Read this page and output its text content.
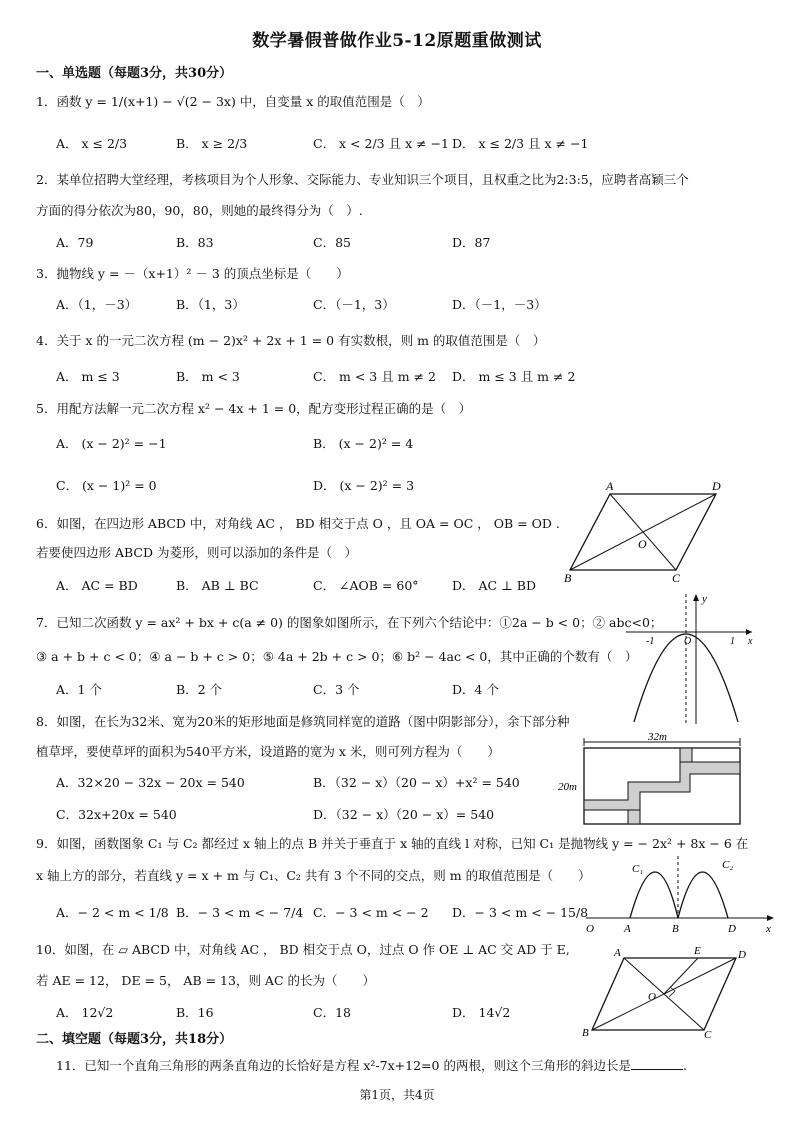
数学暑假普做作业5-12原题重做测试
一、单选题（每题3分，共30分）
1．函数 y = 1/(x+1) − √(2 − 3x) 中，自变量 x 的取值范围是（　）
A． x ≤ 2/3	B． x ≥ 2/3	C． x < 2/3 且 x ≠ −1 D． x ≤ 2/3 且 x ≠ −1
2．某单位招聘大堂经理，考核项目为个人形象、交际能力、专业知识三个项目，且权重之比为2:3:5，应聘者高颖三个
方面的得分依次为80，90，80，则她的最终得分为（　）.
A．79	B．83	C．85	D．87
3．抛物线 y = －（x+1）² － 3 的顶点坐标是（　　）
A．（1，－3）	B．（1，3）	C．（－1，3）	D．（－1，－3）
4．关于 x 的一元二次方程 (m − 2)x² + 2x + 1 = 0 有实数根，则 m 的取值范围是（　）
A． m ≤ 3	B． m < 3	C． m < 3 且 m ≠ 2 D． m ≤ 3 且 m ≠ 2
5．用配方法解一元二次方程 x² − 4x + 1 = 0，配方变形过程正确的是（　）
A． (x − 2)² = −1	B． (x − 2)² = 4
C． (x − 1)² = 0	D． (x − 2)² = 3
6．如图，在四边形 ABCD 中，对角线 AC ， BD 相交于点 O ，且 OA = OC ， OB = OD .
若要使四边形 ABCD 为菱形，则可以添加的条件是（　）
A． AC = BD	B． AB ⊥ BC	C． ∠AOB = 60°	D． AC ⊥ BD
A	D
O
B	C
7．已知二次函数 y = ax² + bx + c(a ≠ 0) 的图象如图所示，在下列六个结论中：①2a − b < 0；② abc<0；
③ a + b + c < 0；④ a − b + c > 0；⑤ 4a + 2b + c > 0；⑥ b² − 4ac < 0，其中正确的个数有（　）
A．1 个	B．2 个	C．3 个	D．4 个
y
-1	O	1 x
8．如图，在长为32米、宽为20米的矩形地面是修筑同样宽的道路（图中阴影部分），余下部分种
植草坪，要使草坪的面积为540平方米，设道路的宽为 x 米，则可列方程为（　　）
A．32×20 − 32x − 20x = 540	B．（32 − x）（20 − x）+x² = 540
C．32x+20x = 540	D．（32 − x）（20 − x）= 540
32m
20m
9．如图，函数图象 C₁ 与 C₂ 都经过 x 轴上的点 B 并关于垂直于 x 轴的直线 l 对称，已知 C₁ 是抛物线 y = − 2x² + 8x − 6 在
x 轴上方的部分，若直线 y = x + m 与 C₁、C₂ 共有 3 个不同的交点，则 m 的取值范围是（　　）
A．− 2 < m < 1/8 B．− 3 < m < − 7/4 C．− 3 < m < − 2 D．− 3 < m < − 15/8
C₁	C₂
O	A	B	D	x
10．如图，在 ▱ ABCD 中，对角线 AC ， BD 相交于点 O，过点 O 作 OE ⊥ AC 交 AD 于 E,
若 AE = 12， DE = 5， AB = 13，则 AC 的长为（　　）
A． 12√2	B．16	C．18	D． 14√2
A	E	D
O
B	C
二、填空题（每题3分，共18分）
11．已知一个直角三角形的两条直角边的长恰好是方程 x²-7x+12=0 的两根，则这个三角形的斜边长是	.
第1页，共4页
